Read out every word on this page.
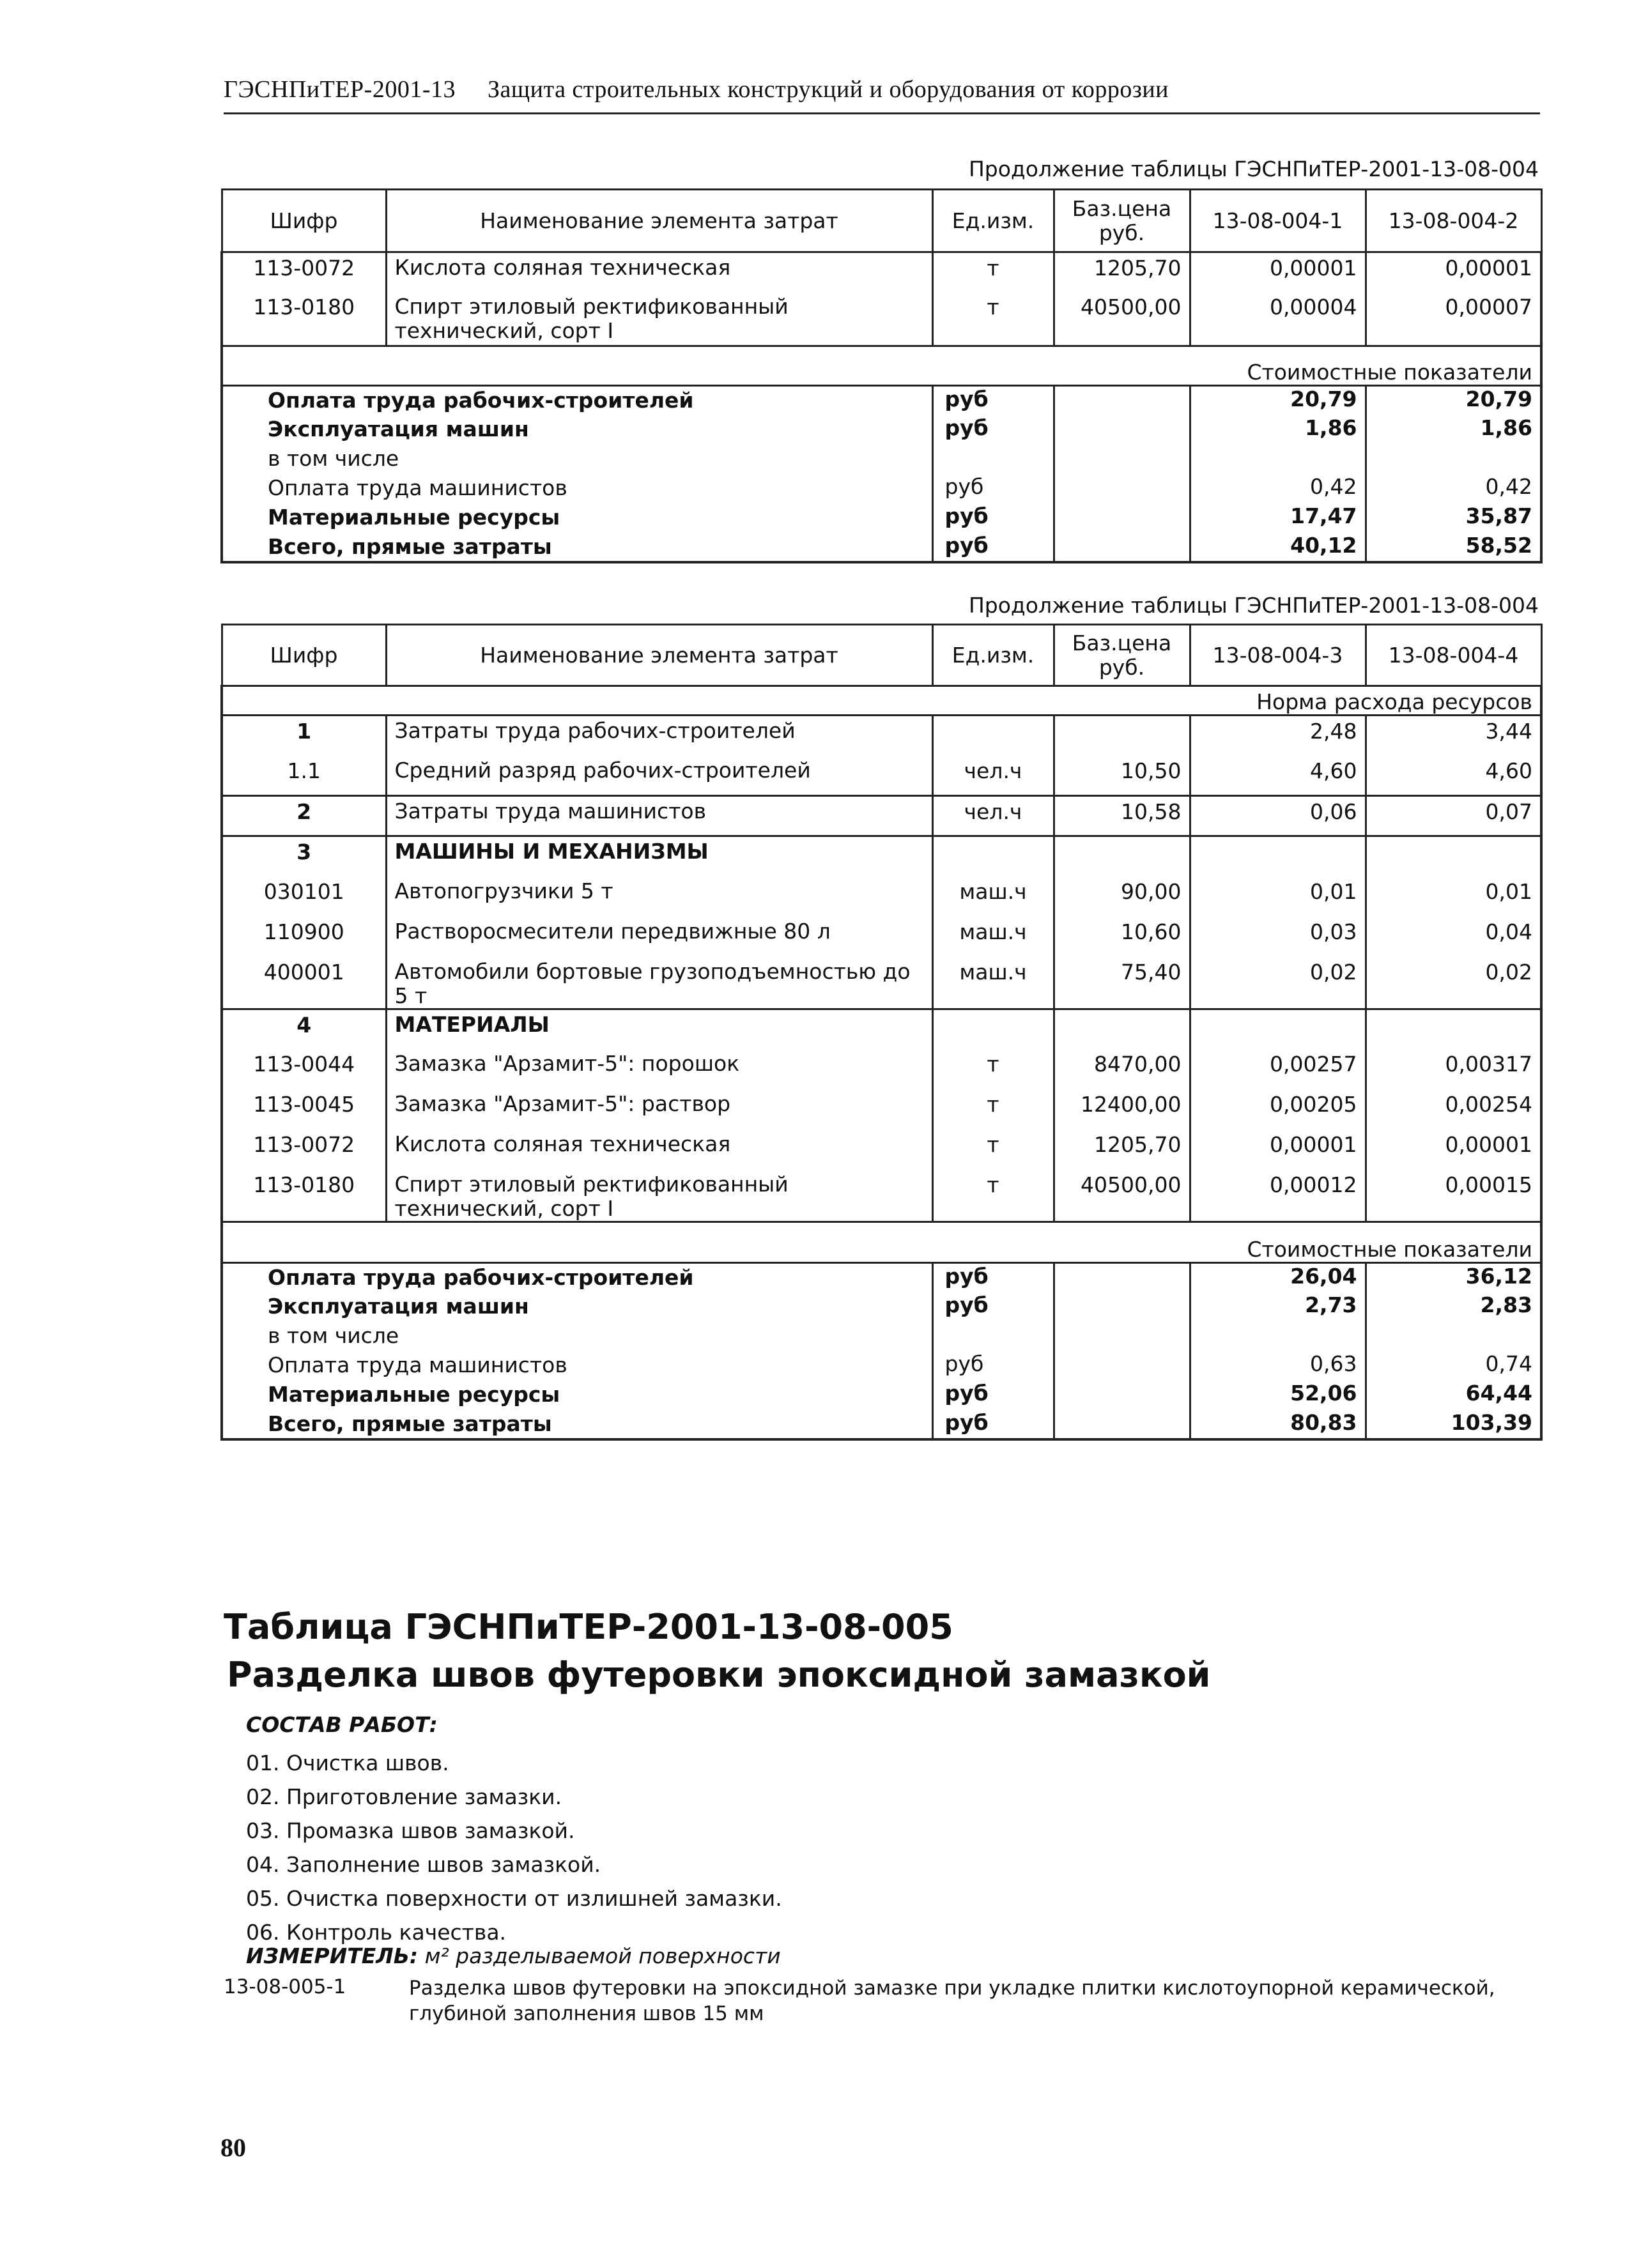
ГЭСНПиТЕР-2001-13 Защита строительных конструкций и оборудования от коррозии
Продолжение таблицы ГЭСНПиТЕР-2001-13-08-004
Шифр	Наименование элемента затрат	Ед.изм.	Баз.цена руб.	13-08-004-1	13-08-004-2
113-0072	Кислота соляная техническая	т	1205,70	0,00001	0,00001
113-0180	Спирт этиловый ректификованный технический, сорт I	т	40500,00	0,00004	0,00007
Стоимостные показатели					
Оплата труда рабочих-строителей		руб		20,79	20,79
Эксплуатация машин		руб		1,86	1,86
в том числе					
Оплата труда машинистов		руб		0,42	0,42
Материальные ресурсы		руб		17,47	35,87
Всего, прямые затраты		руб		40,12	58,52
Продолжение таблицы ГЭСНПиТЕР-2001-13-08-004
Шифр	Наименование элемента затрат	Ед.изм.	Баз.цена руб.	13-08-004-3	13-08-004-4
Норма расхода ресурсов					
1	Затраты труда рабочих-строителей			2,48	3,44
1.1	Средний разряд рабочих-строителей	чел.ч	10,50	4,60	4,60
2	Затраты труда машинистов	чел.ч	10,58	0,06	0,07
3	МАШИНЫ И МЕХАНИЗМЫ				
030101	Автопогрузчики 5 т	маш.ч	90,00	0,01	0,01
110900	Растворосмесители передвижные 80 л	маш.ч	10,60	0,03	0,04
400001	Автомобили бортовые грузоподъемностью до 5 т	маш.ч	75,40	0,02	0,02
4	МАТЕРИАЛЫ				
113-0044	Замазка "Арзамит-5": порошок	т	8470,00	0,00257	0,00317
113-0045	Замазка "Арзамит-5": раствор	т	12400,00	0,00205	0,00254
113-0072	Кислота соляная техническая	т	1205,70	0,00001	0,00001
113-0180	Спирт этиловый ректификованный технический, сорт I	т	40500,00	0,00012	0,00015
Стоимостные показатели					
Оплата труда рабочих-строителей		руб		26,04	36,12
Эксплуатация машин		руб		2,73	2,83
в том числе					
Оплата труда машинистов		руб		0,63	0,74
Материальные ресурсы		руб		52,06	64,44
Всего, прямые затраты		руб		80,83	103,39
Таблица ГЭСНПиТЕР-2001-13-08-005
Разделка швов футеровки эпоксидной замазкой
СОСТАВ РАБОТ:
01. Очистка швов.
02. Приготовление замазки.
03. Промазка швов замазкой.
04. Заполнение швов замазкой.
05. Очистка поверхности от излишней замазки.
06. Контроль качества.
ИЗМЕРИТЕЛЬ: м² разделываемой поверхности
13-08-005-1	Разделка швов футеровки на эпоксидной замазке при укладке плитки кислотоупорной керамической, глубиной заполнения швов 15 мм
80
